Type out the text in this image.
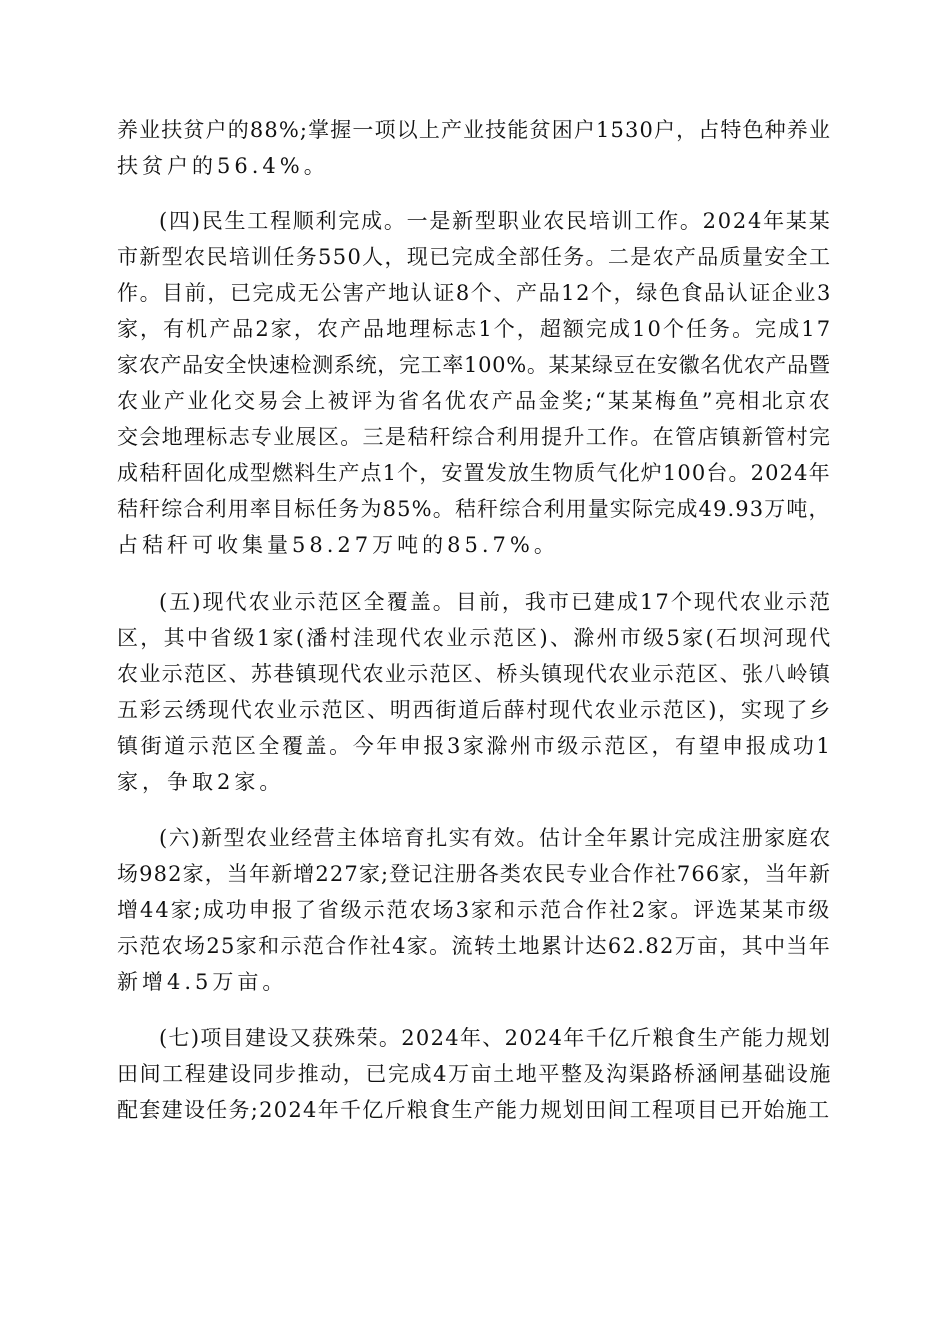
养业扶贫户的88%;掌握一项以上产业技能贫困户1530户，占特色种养业
扶贫户的56.4%。
(四)民生工程顺利完成。一是新型职业农民培训工作。2024年某某
市新型农民培训任务550人，现已完成全部任务。二是农产品质量安全工
作。目前，已完成无公害产地认证8个、产品12个，绿色食品认证企业3
家，有机产品2家，农产品地理标志1个，超额完成10个任务。完成17
家农产品安全快速检测系统，完工率100%。某某绿豆在安徽名优农产品暨
农业产业化交易会上被评为省名优农产品金奖;“某某梅鱼”亮相北京农
交会地理标志专业展区。三是秸秆综合利用提升工作。在管店镇新管村完
成秸秆固化成型燃料生产点1个，安置发放生物质气化炉100台。2024年
秸秆综合利用率目标任务为85%。秸秆综合利用量实际完成49.93万吨，
占秸秆可收集量58.27万吨的85.7%。
(五)现代农业示范区全覆盖。目前，我市已建成17个现代农业示范
区，其中省级1家(潘村洼现代农业示范区)、滁州市级5家(石坝河现代
农业示范区、苏巷镇现代农业示范区、桥头镇现代农业示范区、张八岭镇
五彩云绣现代农业示范区、明西街道后薛村现代农业示范区)，实现了乡
镇街道示范区全覆盖。今年申报3家滁州市级示范区，有望申报成功1
家，争取2家。
(六)新型农业经营主体培育扎实有效。估计全年累计完成注册家庭农
场982家，当年新增227家;登记注册各类农民专业合作社766家，当年新
增44家;成功申报了省级示范农场3家和示范合作社2家。评选某某市级
示范农场25家和示范合作社4家。流转土地累计达62.82万亩，其中当年
新增4.5万亩。
(七)项目建设又获殊荣。2024年、2024年千亿斤粮食生产能力规划
田间工程建设同步推动，已完成4万亩土地平整及沟渠路桥涵闸基础设施
配套建设任务;2024年千亿斤粮食生产能力规划田间工程项目已开始施工
